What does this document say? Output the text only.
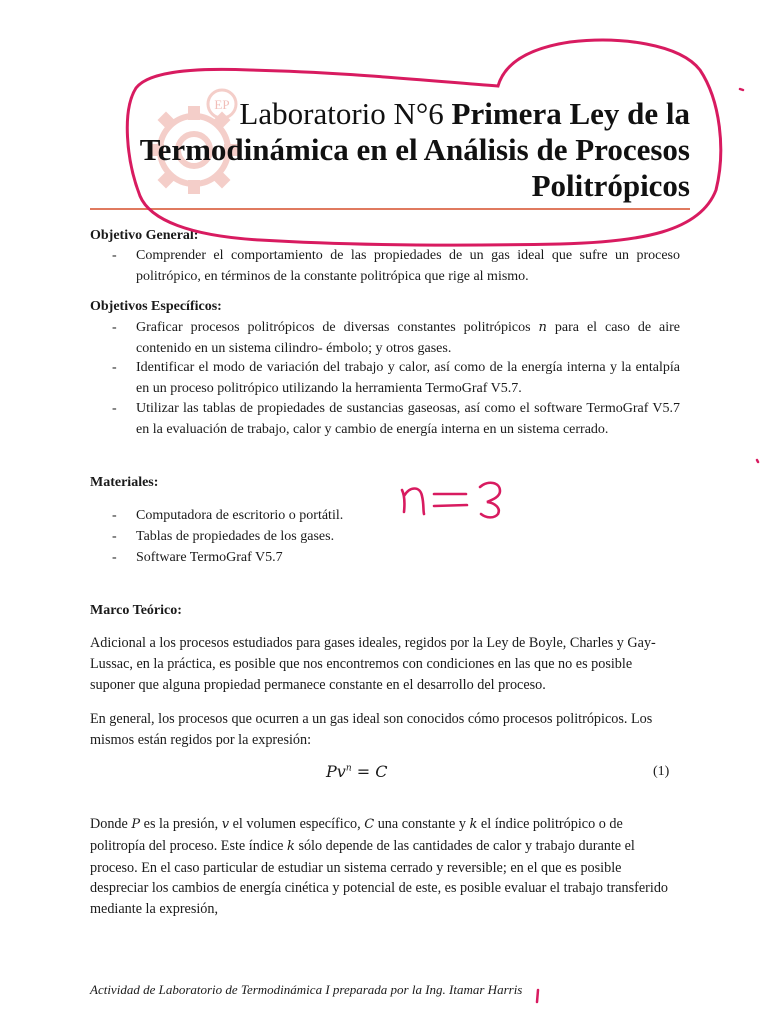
EP Laboratorio N°6 Primera Ley de la
Termodinámica en el Análisis de Procesos
Politrópicos
Objetivo General:
- Comprender el comportamiento de las propiedades de un gas ideal que sufre un proceso politrópico, en términos de la constante politrópica que rige al mismo.
Objetivos Específicos:
- Graficar procesos politrópicos de diversas constantes politrópicos n para el caso de aire contenido en un sistema cilindro- émbolo; y otros gases.
- Identificar el modo de variación del trabajo y calor, así como de la energía interna y la entalpía en un proceso politrópico utilizando la herramienta TermoGraf V5.7.
- Utilizar las tablas de propiedades de sustancias gaseosas, así como el software TermoGraf V5.7 en la evaluación de trabajo, calor y cambio de energía interna en un sistema cerrado.
Materiales:
- Computadora de escritorio o portátil.
- Tablas de propiedades de los gases.
- Software TermoGraf V5.7
Marco Teórico:
Adicional a los procesos estudiados para gases ideales, regidos por la Ley de Boyle, Charles y Gay- Lussac, en la práctica, es posible que nos encontremos con condiciones en las que no es posible suponer que alguna propiedad permanece constante en el desarrollo del proceso.
En general, los procesos que ocurren a un gas ideal son conocidos cómo procesos politrópicos. Los mismos están regidos por la expresión:
$Pv^n = C$	(1)
Donde P es la presión, v el volumen específico, C una constante y k el índice politrópico o de politropía del proceso. Este índice k sólo depende de las cantidades de calor y trabajo durante el proceso. En el caso particular de estudiar un sistema cerrado y reversible; en el que es posible despreciar los cambios de energía cinética y potencial de este, es posible evaluar el trabajo transferido mediante la expresión,
Actividad de Laboratorio de Termodinámica I preparada por la Ing. Itamar Harris
n = ?
